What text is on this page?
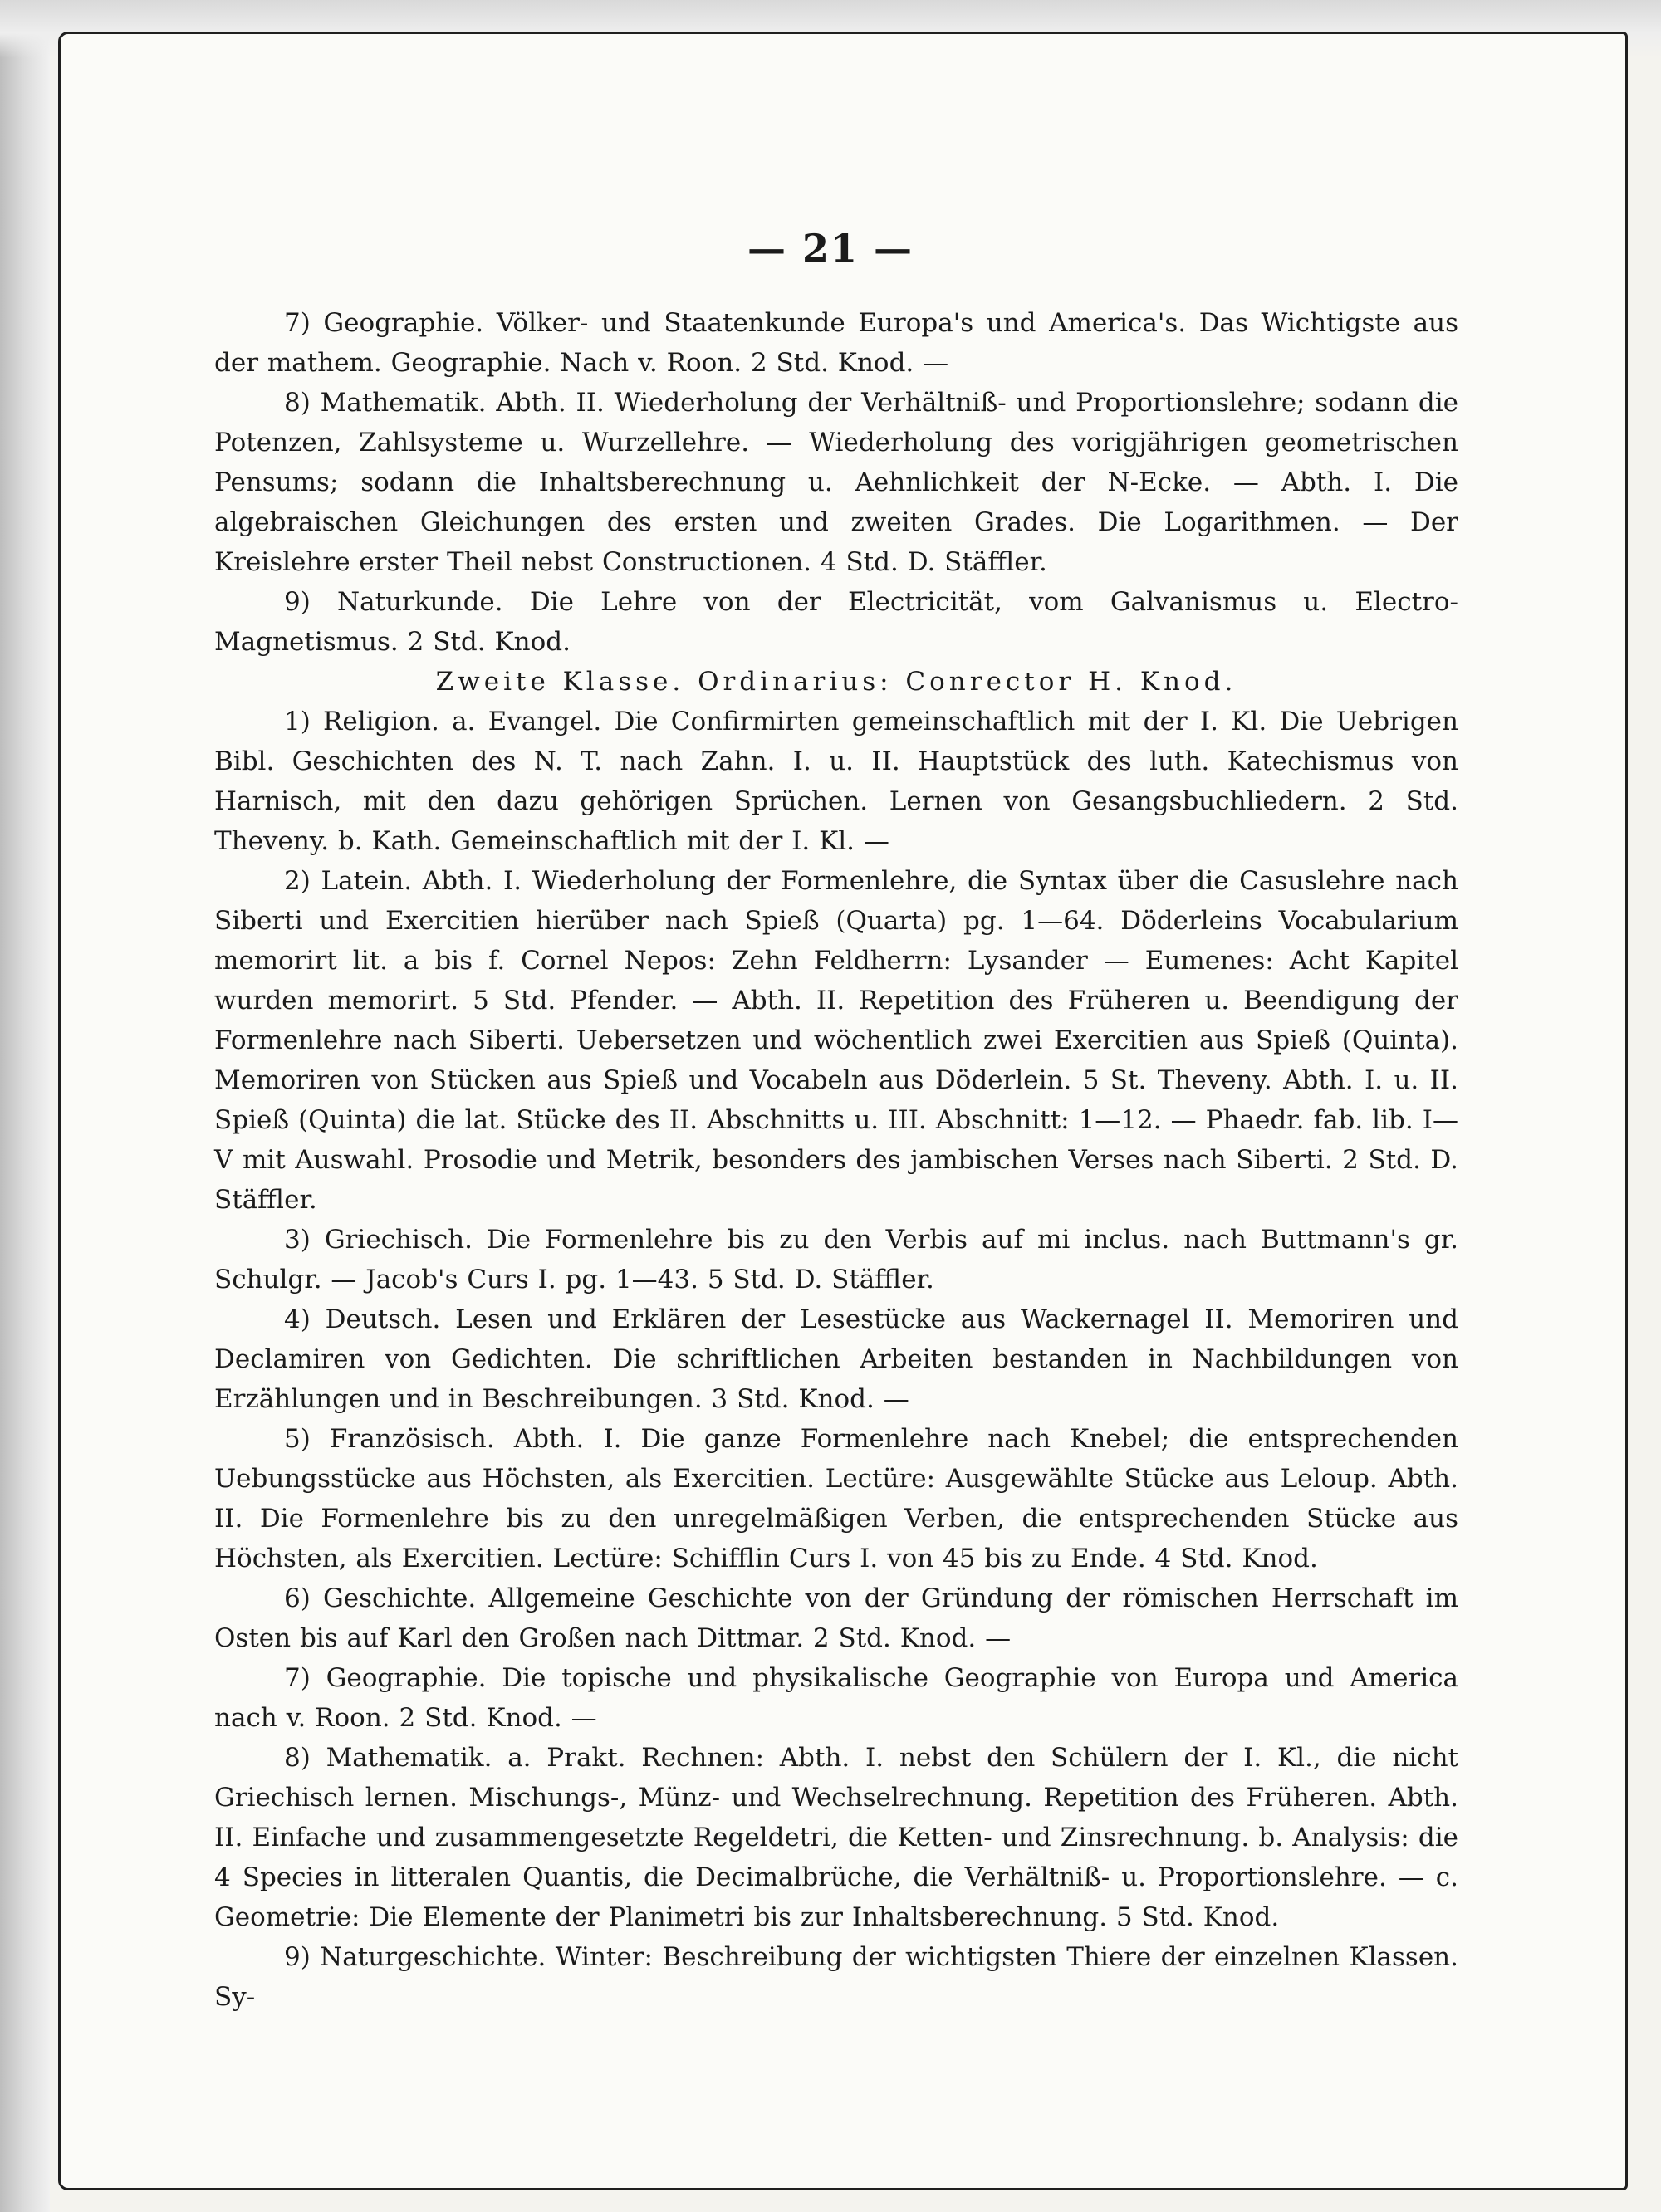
— 21 —

7) Geographie. Völker- und Staatenkunde Europa's und America's. Das Wichtigste aus der mathem. Geographie. Nach v. Roon. 2 Std. Knod. —

8) Mathematik. Abth. II. Wiederholung der Verhältniß- und Proportionslehre; sodann die Potenzen, Zahlsysteme u. Wurzellehre. — Wiederholung des vorigjährigen geometrischen Pensums; sodann die Inhaltsberechnung u. Aehnlichkeit der N-Ecke. — Abth. I. Die algebraischen Gleichungen des ersten und zweiten Grades. Die Logarithmen. — Der Kreislehre erster Theil nebst Constructionen. 4 Std. D. Stäffler.

9) Naturkunde. Die Lehre von der Electricität, vom Galvanismus u. Electro-Magnetismus. 2 Std. Knod.

Zweite Klasse. Ordinarius: Conrector H. Knod.

1) Religion. a. Evangel. Die Confirmirten gemeinschaftlich mit der I. Kl. Die Uebrigen Bibl. Geschichten des N. T. nach Zahn. I. u. II. Hauptstück des luth. Katechismus von Harnisch, mit den dazu gehörigen Sprüchen. Lernen von Gesangsbuchliedern. 2 Std. Theveny. b. Kath. Gemeinschaftlich mit der I. Kl. —

2) Latein. Abth. I. Wiederholung der Formenlehre, die Syntax über die Casuslehre nach Siberti und Exercitien hierüber nach Spieß (Quarta) pg. 1—64. Döderleins Vocabularium memorirt lit. a bis f. Cornel Nepos: Zehn Feldherrn: Lysander — Eumenes: Acht Kapitel wurden memorirt. 5 Std. Pfender. — Abth. II. Repetition des Früheren u. Beendigung der Formenlehre nach Siberti. Uebersetzen und wöchentlich zwei Exercitien aus Spieß (Quinta). Memoriren von Stücken aus Spieß und Vocabeln aus Döderlein. 5 St. Theveny. Abth. I. u. II. Spieß (Quinta) die lat. Stücke des II. Abschnitts u. III. Abschnitt: 1—12. — Phaedr. fab. lib. I—V mit Auswahl. Prosodie und Metrik, besonders des jambischen Verses nach Siberti. 2 Std. D. Stäffler.

3) Griechisch. Die Formenlehre bis zu den Verbis auf mi inclus. nach Buttmann's gr. Schulgr. — Jacob's Curs I. pg. 1—43. 5 Std. D. Stäffler.

4) Deutsch. Lesen und Erklären der Lesestücke aus Wackernagel II. Memoriren und Declamiren von Gedichten. Die schriftlichen Arbeiten bestanden in Nachbildungen von Erzählungen und in Beschreibungen. 3 Std. Knod. —

5) Französisch. Abth. I. Die ganze Formenlehre nach Knebel; die entsprechenden Uebungsstücke aus Höchsten, als Exercitien. Lectüre: Ausgewählte Stücke aus Leloup. Abth. II. Die Formenlehre bis zu den unregelmäßigen Verben, die entsprechenden Stücke aus Höchsten, als Exercitien. Lectüre: Schifflin Curs I. von 45 bis zu Ende. 4 Std. Knod.

6) Geschichte. Allgemeine Geschichte von der Gründung der römischen Herrschaft im Osten bis auf Karl den Großen nach Dittmar. 2 Std. Knod. —

7) Geographie. Die topische und physikalische Geographie von Europa und America nach v. Roon. 2 Std. Knod. —

8) Mathematik. a. Prakt. Rechnen: Abth. I. nebst den Schülern der I. Kl., die nicht Griechisch lernen. Mischungs-, Münz- und Wechselrechnung. Repetition des Früheren. Abth. II. Einfache und zusammengesetzte Regeldetri, die Ketten- und Zinsrechnung. b. Analysis: die 4 Species in litteralen Quantis, die Decimalbrüche, die Verhältniß- u. Proportionslehre. — c. Geometrie: Die Elemente der Planimetri bis zur Inhaltsberechnung. 5 Std. Knod.

9) Naturgeschichte. Winter: Beschreibung der wichtigsten Thiere der einzelnen Klassen. Sy-
